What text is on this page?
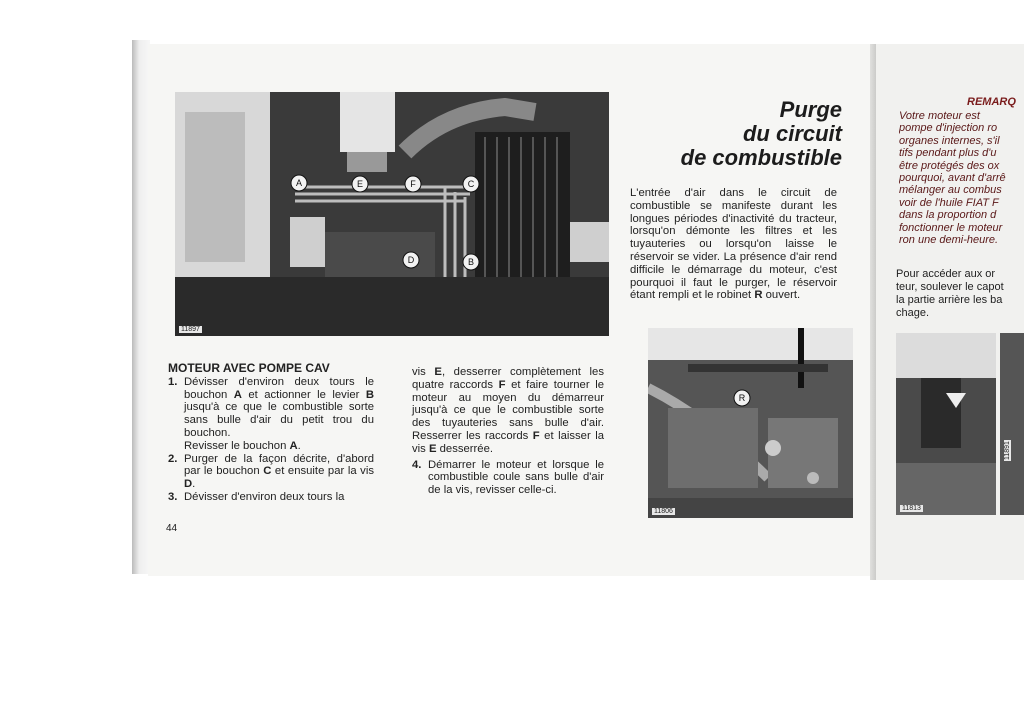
A	E	F	C
D	B
11897
Purge
du circuit
de combustible
L'entrée d'air dans le circuit de combustible se manifeste durant les longues périodes d'inactivité du tracteur, lorsqu'on démonte les filtres et les tuyauteries ou lorsqu'on laisse le réservoir se vider. La présence d'air rend difficile le démarrage du moteur, c'est pourquoi il faut le purger, le réservoir étant rempli et le robinet R ouvert.
R
11806
MOTEUR AVEC POMPE CAV
1. Dévisser d'environ deux tours le bouchon A et actionner le levier B jusqu'à ce que le combustible sorte sans bulle d'air du petit trou du bouchon.
Revisser le bouchon A.
2. Purger de la façon décrite, d'abord par le bouchon C et ensuite par la vis D.
3. Dévisser d'environ deux tours la
vis E, desserrer complètement les quatre raccords F et faire tourner le moteur au moyen du démarreur jusqu'à ce que le combustible sorte des tuyauteries sans bulle d'air. Resserrer les raccords F et laisser la vis E desserrée.
4. Démarrer le moteur et lorsque le combustible coule sans bulle d'air de la vis, revisser celle-ci.
44
REMARQ
Votre moteur est
pompe d'injection ro
organes internes, s'il
tifs pendant plus d'u
être protégés des ox
pourquoi, avant d'arrê
mélanger au combus
voir de l'huile FIAT F
dans la proportion d
fonctionner le moteur
ron une demi-heure.
Pour accéder aux or
teur, soulever le capot
la partie arrière les ba
chage.
11813
11891
